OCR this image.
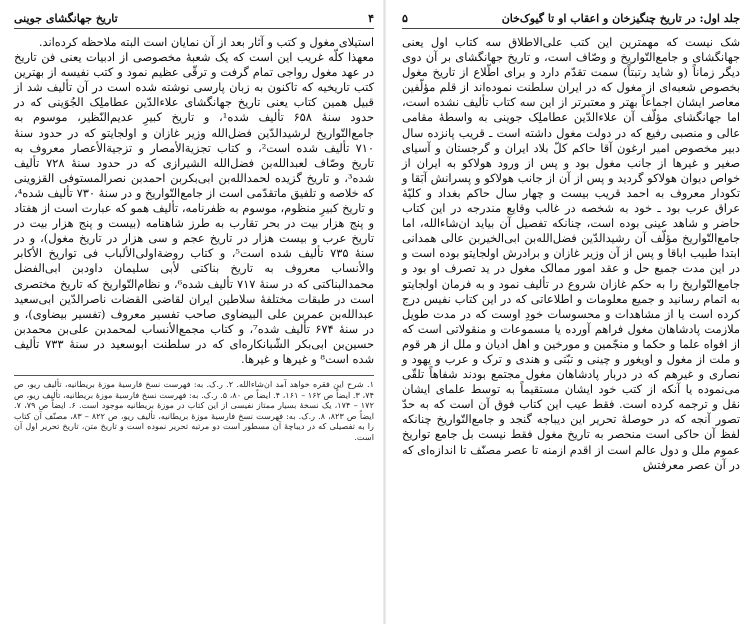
۴
تاریخ جهانگشای جوینی

استیلای مغول و کتب و آثار بعد از آن نمایان است البته ملاحظه کرده‌اند.

معهذا کلّه غریب این است که یک شعبهٔ مخصوصی از ادبیات یعنی فن تاریخ در عهد مغول رواجی تمام گرفت و ترقّی عظیم نمود و کتب نفیسه از بهترین کتب تاریخیه که تاکنون به زبان پارسی نوشته شده است در آن تألیف شد از قبیل همین کتاب یعنی تاریخ جهانگشای علاءالدّین عطاملِک الجُوَینی که در حدود سنهٔ ۶۵۸ تألیف شده¹، و تاریخ کبیرِ عدیم‌النّظیر، موسوم به جامع‌التّواریخ لرشیدالدّین فضل‌الله وزیر غازان و اولجایتو که در حدود سنهٔ ۷۱۰ تألیف شده است²، و کتاب تجزیة‌الأمصار و تزجیة‌الأعصار معروف به تاریخ وصّاف لعبدالله‌بن فضل‌الله الشیرازی که در حدود سنهٔ ۷۲۸ تألیف شده³، و تاریخ گزیده لحمدالله‌بن ابی‌بکربن احمدبن نصرالمستوفی القزوینی که خلاصه و تلفیق ماتقدّمی است از جامع‌التّواریخ و در سنهٔ ۷۳۰ تألیف شده⁴، و تاریخ کبیرِ منظوم، موسوم به ظفرنامه، تألیف همو که عبارت است از هفتاد و پنج هزار بیت در بحر تقارب به طرز شاهنامه (بیست و پنج هزار بیت در تاریخ عرب و بیست هزار در تاریخ عجم و سی هزار در تاریخ مغول)، و در سنهٔ ۷۳۵ تألیف شده است⁵، و کتاب روضة‌اولی‌الألباب فی تواریخ الأکابر والأنساب معروف به تاریخ بناکتی لأبی سلیمان داودبن ابی‌الفضل محمدالبناکتی که در سنهٔ ۷۱۷ تألیف شده⁶، و نظام‌التّواریخ که تاریخ مختصری است در طبقات مختلفهٔ سلاطین ایران لقاضی القضات ناصرالدّین ابی‌سعید عبدالله‌بن عمربن علی البیضاوی صاحب تفسیر معروف (تفسیر بیضاوی)، و در سنهٔ ۶۷۴ تألیف شده⁷، و کتاب مجمع‌الأنساب لمحمدبن علی‌بن محمدبن حسین‌بن ابی‌بکر الشّبانکاره‌ای که در سلطنت ابوسعید در سنهٔ ۷۳۳ تألیف شده است⁸ و غیرها و غیرها.

۱. شرح این فقره خواهد آمد ان‌شاءالله. ۲. ر.ک. به: فهرست نسخ فارسیهٔ موزهٔ بریطانیه، تألیف ریو، ص ۷۴، ۳. ایضاً ص ۱۶۲ – ۱۶۱، ۴. ایضاً ص ۸۰، ۵. ر.ک. به: فهرست نسخ فارسیهٔ موزهٔ بریطانیه، تألیف ریو، ص ۱۷۲ – ۱۷۴، یک نسخهٔ بسیار ممتاز نفیسی از این کتاب در موزهٔ بریطانیه موجود است. ۶. ایضاً ص ۷۹، ۷. ایضاً ص ۸۲۳، ۸. ر.ک. به: فهرست نسخ فارسیهٔ موزهٔ بریطانیه، تألیف ریو، ص ۸۲۲ – ۸۳، مصنّف آن کتاب را به تفصیلی که در دیباچهٔ آن مسطور است دو مرتبه تحریر نموده است و تاریخ متن، تاریخ تحریر اول آن است.

جلد اول: در تاریخ چنگیزخان و اعقاب او تا گیوک‌خان
۵

شک نیست که مهمترین این کتب علی‌الاطلاق سه کتاب اول یعنی جهانگشای و جامع‌التّواریخ و وصّاف است، و تاریخ جهانگشای بر آن دوی دیگر زماناً (و شاید رتبتاً) سمت تقدّم دارد و برای اطّلاع از تاریخ مغول بخصوص شعبه‌ای از مغول که در ایران سلطنت نموده‌اند از قلم مؤلّفین معاصر ایشان اجماعاً بهتر و معتبرتر از این سه کتاب تألیف نشده است، اما جهانگشای مؤلّف آن علاءالدّین عطاملِک جوینی به واسطهٔ مقامی عالی و منصبی رفیع که در دولت مغول داشته است ـ قریب پانزده سال دبیر مخصوص امیر ارغون آقا حاکم کلّ بلاد ایران و گرجستان و آسیای صغیر و غیرها از جانب مغول بود و پس از ورود هولاکو به ایران از خواص دیوان هولاکو گردید و پس از آن از جانب هولاکو و پسرانش آبَقا و تکودار معروف به احمد قریب بیست و چهار سال حاکم بغداد و کلیّهٔ عراق عرب بود ـ خود به شخصه در غالب وقایع مندرجه در این کتاب حاضر و شاهد عینی بوده است، چنانکه تفصیل آن بیاید ان‌شاءالله، اما جامع‌التّواریخ مؤلّف آن رشیدالدّین فضل‌الله‌بن ابی‌الخیربن عالی همدانی ابتدا طبیب اباقا و پس از آن وزیر غازان و برادرش اولجایتو بوده است و در این مدت جمیع حل و عقد امور ممالک مغول در ید تصرف او بود و جامع‌التّواریخ را به حکم غازان شروع در تألیف نمود و به فرمان اولجایتو به اتمام رسانید و جمیع معلومات و اطلاعاتی که در این کتاب نفیس درج کرده است یا از مشاهدات و محسوسات خودِ اوست که در مدت طویل ملازمت پادشاهان مغول فراهم آورده یا مسموعات و منقولاتی است که از افواه علما و حکما و منجّمین و مورخین و اهل ادیان و ملل از هر قوم و ملت از مغول و اویغور و چینی و تبّتی و هندی و ترک و عرب و یهود و نصاری و غیرهم که در دربار پادشاهان مغول مجتمع بودند شفاهاً تلقّی می‌نموده یا آنکه از کتب خود ایشان مستقیماً به توسط علمای ایشان نقل و ترجمه کرده است. فقط عیب این کتاب فوق آن است که به حدّ تصور آنجه که در حوصلهٔ تحریر این دیباجه گنجد و جامع‌التّواریخ چنانکه لفظ آن حاکی است منحصر به تاریخ مغول فقط نیست بل جامع تواریخ عموم ملل و دول عالم است از اقدم ازمنه تا عصر مصنّف تا اندازه‌ای که در آن عصر معرفتش
